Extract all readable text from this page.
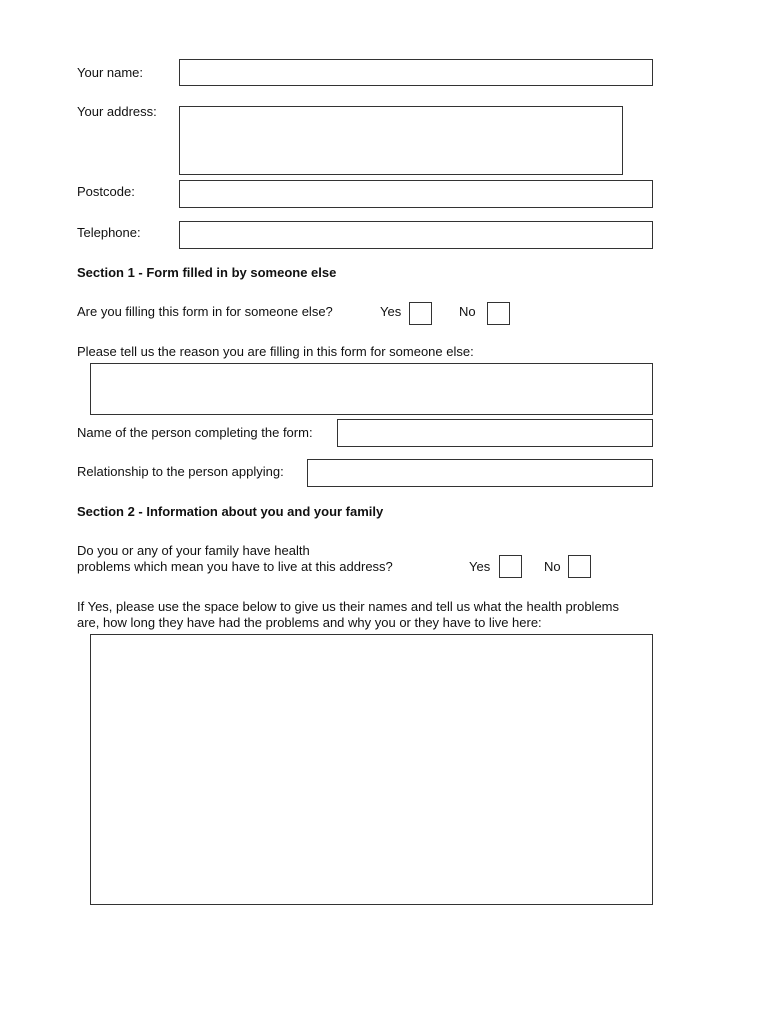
Your name:
Your address:
Postcode:
Telephone:
Section 1 - Form filled in by someone else
Are you filling this form in for someone else?	Yes	No
Please tell us the reason you are filling in this form for someone else:
Name of the person completing the form:
Relationship to the person applying:
Section 2 - Information about you and your family
Do you or any of your family have health
problems which mean you have to live at this address?	Yes	No
If Yes, please use the space below to give us their names and tell us what the health problems
are, how long they have had the problems and why you or they have to live here:
